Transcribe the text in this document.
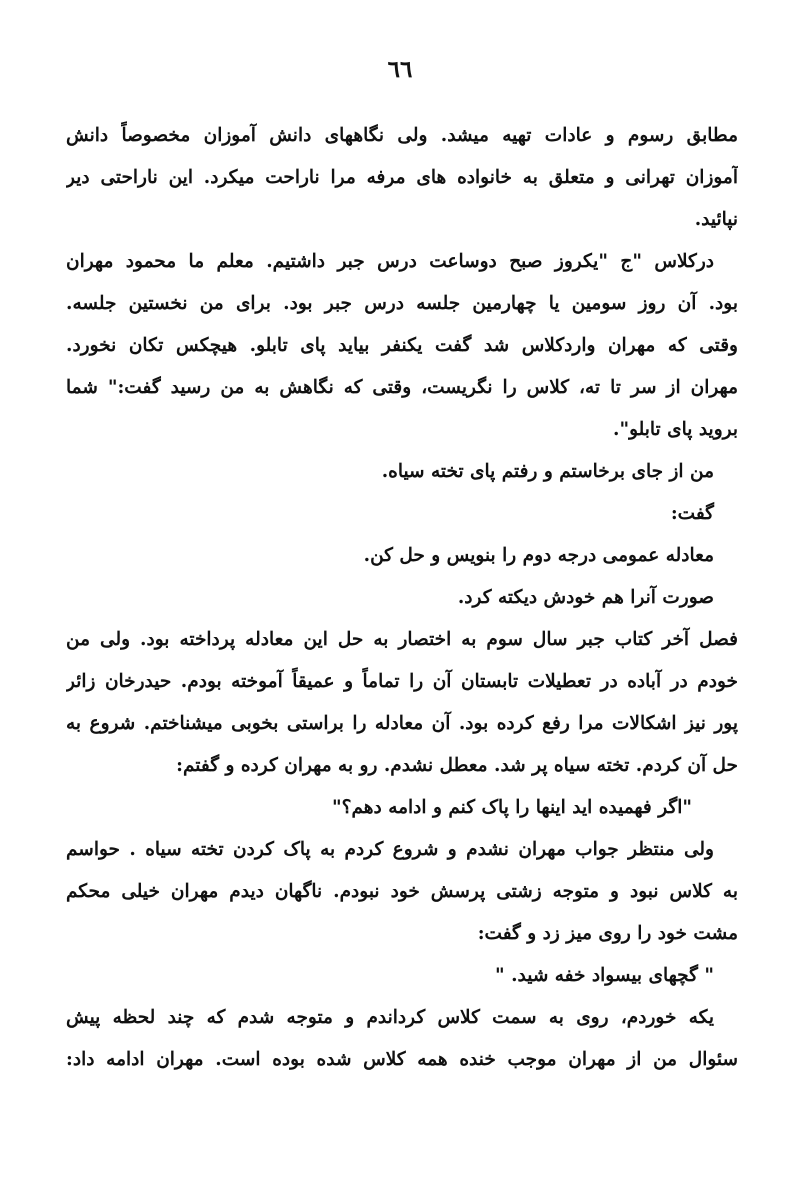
٦٦
مطابق رسوم و عادات تهیه میشد. ولی نگاههای دانش آموزان مخصوصاً دانش
آموزان تهرانی و متعلق به خانواده های مرفه مرا ناراحت میکرد. این ناراحتی دیر
نپائید.
درکلاس "ج "یکروز صبح دوساعت درس جبر داشتیم. معلم ما محمود مهران
بود. آن روز سومین یا چهارمین جلسه درس جبر بود. برای من نخستین جلسه.
وقتی که مهران واردکلاس شد گفت یکنفر بیاید پای تابلو. هیچکس تکان نخورد.
مهران از سر تا ته، کلاس را نگریست، وقتی که نگاهش به من رسید گفت:" شما
بروید پای تابلو".
من از جای برخاستم و رفتم پای تخته سیاه.
گفت:
معادله عمومی درجه دوم را بنویس و حل کن.
صورت آنرا هم خودش دیکته کرد.
فصل آخر کتاب جبر سال سوم به اختصار به حل این معادله پرداخته بود. ولی من
خودم در آباده در تعطیلات تابستان آن را تماماً و عمیقاً آموخته بودم. حیدرخان زائر
پور نیز اشکالات مرا رفع کرده بود. آن معادله را براستی بخوبی میشناختم. شروع به
حل آن کردم. تخته سیاه پر شد. معطل نشدم. رو به مهران کرده و گفتم:
"اگر فهمیده اید اینها را پاک کنم و ادامه دهم؟"
ولی منتظر جواب مهران نشدم و شروع کردم به پاک کردن تخته سیاه . حواسم
به کلاس نبود و متوجه زشتی پرسش خود نبودم. ناگهان دیدم مهران خیلی محکم
مشت خود را روی میز زد و گفت:
" گچهای بیسواد خفه شید. "
یکه خوردم، روی به سمت کلاس کرداندم و متوجه شدم که چند لحظه پیش
سئوال من از مهران موجب خنده همه کلاس شده بوده است. مهران ادامه داد:
